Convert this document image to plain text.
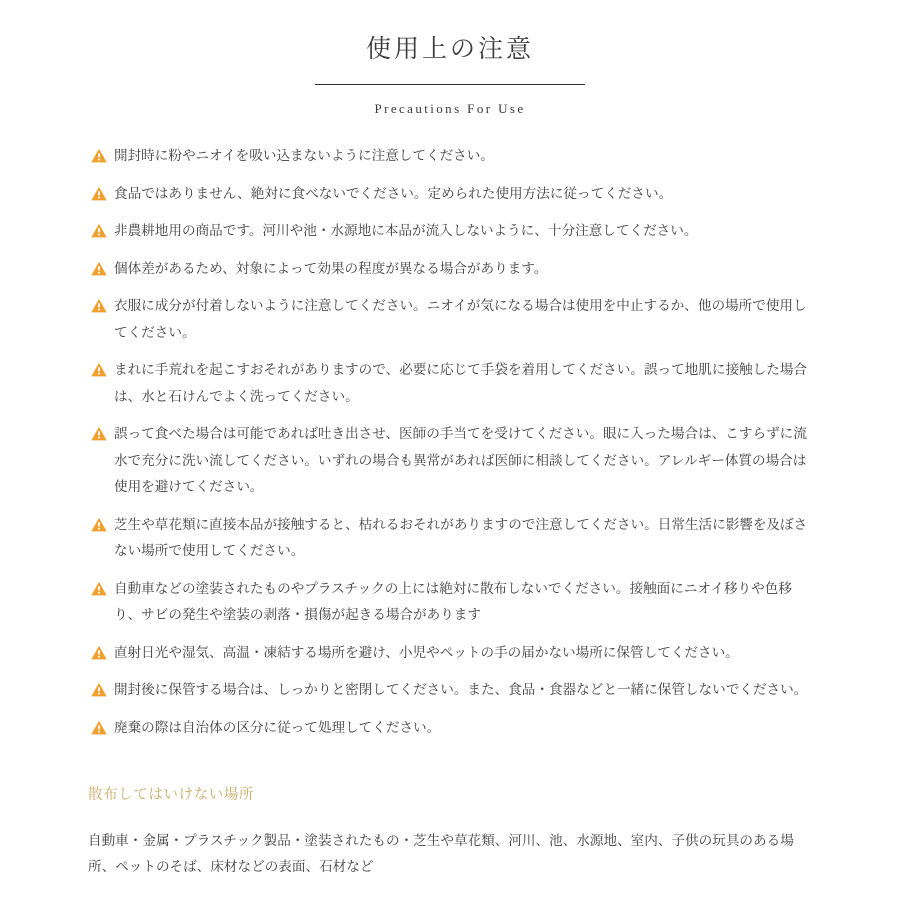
使用上の注意

Precautions For Use

開封時に粉やニオイを吸い込まないように注意してください。
食品ではありません、絶対に食べないでください。定められた使用方法に従ってください。
非農耕地用の商品です。河川や池・水源地に本品が流入しないように、十分注意してください。
個体差があるため、対象によって効果の程度が異なる場合があります。
衣服に成分が付着しないように注意してください。ニオイが気になる場合は使用を中止するか、他の場所で使用してください。
まれに手荒れを起こすおそれがありますので、必要に応じて手袋を着用してください。誤って地肌に接触した場合は、水と石けんでよく洗ってください。
誤って食べた場合は可能であれば吐き出させ、医師の手当てを受けてください。眼に入った場合は、こすらずに流水で充分に洗い流してください。いずれの場合も異常があれば医師に相談してください。アレルギー体質の場合は使用を避けてください。
芝生や草花類に直接本品が接触すると、枯れるおそれがありますので注意してください。日常生活に影響を及ぼさない場所で使用してください。
自動車などの塗装されたものやプラスチックの上には絶対に散布しないでください。接触面にニオイ移りや色移り、サビの発生や塗装の剥落・損傷が起きる場合があります
直射日光や湿気、高温・凍結する場所を避け、小児やペットの手の届かない場所に保管してください。
開封後に保管する場合は、しっかりと密閉してください。また、食品・食器などと一緒に保管しないでください。
廃棄の際は自治体の区分に従って処理してください。
散布してはいけない場所

自動車・金属・プラスチック製品・塗装されたもの・芝生や草花類、河川、池、水源地、室内、子供の玩具のある場所、ペットのそば、床材などの表面、石材など
